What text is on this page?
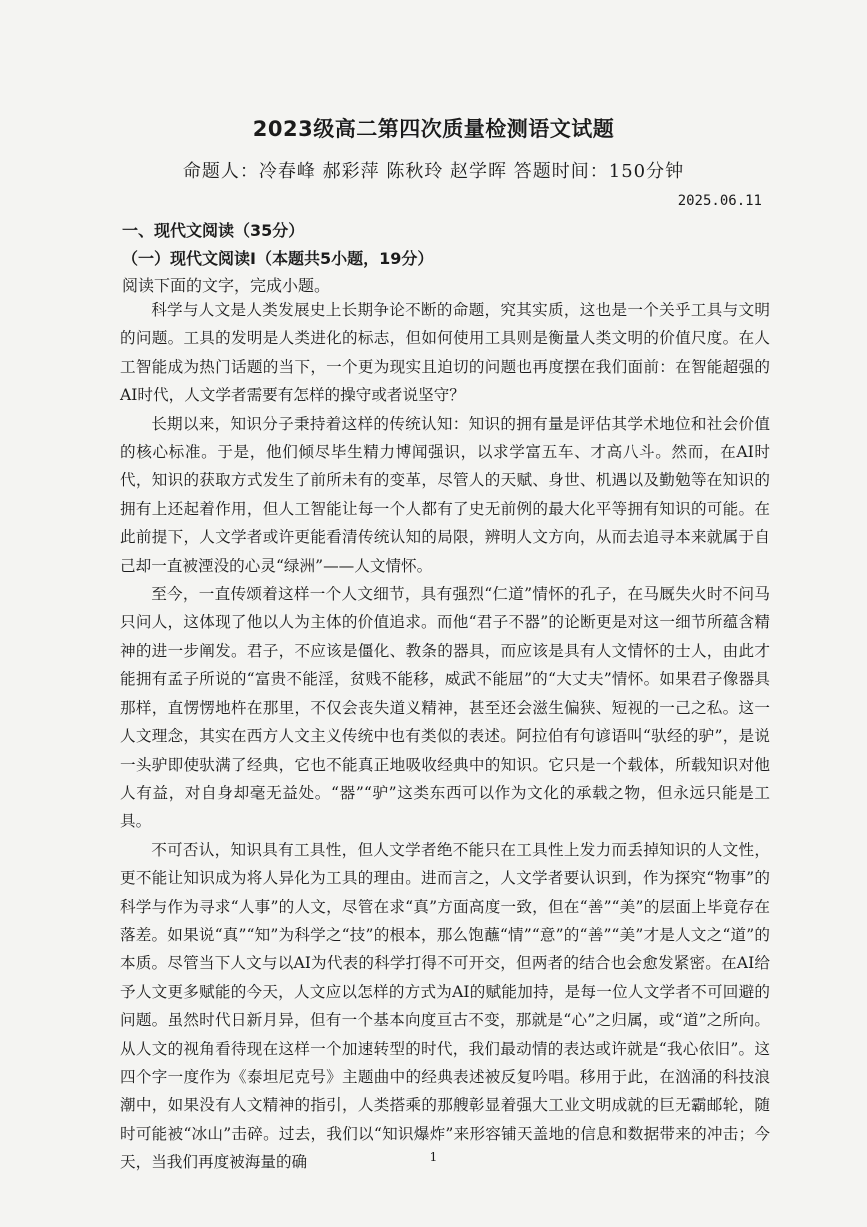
2023级高二第四次质量检测语文试题
命题人：冷春峰 郝彩萍 陈秋玲 赵学晖 答题时间：150分钟
2025.06.11
一、现代文阅读（35分）
（一）现代文阅读Ⅰ（本题共5小题，19分）
阅读下面的文字，完成小题。

科学与人文是人类发展史上长期争论不断的命题，究其实质，这也是一个关乎工具与文明的问题。工具的发明是人类进化的标志，但如何使用工具则是衡量人类文明的价值尺度。在人工智能成为热门话题的当下，一个更为现实且迫切的问题也再度摆在我们面前：在智能超强的AI时代，人文学者需要有怎样的操守或者说坚守？

长期以来，知识分子秉持着这样的传统认知：知识的拥有量是评估其学术地位和社会价值的核心标准。于是，他们倾尽毕生精力博闻强识，以求学富五车、才高八斗。然而，在AI时代，知识的获取方式发生了前所未有的变革，尽管人的天赋、身世、机遇以及勤勉等在知识的拥有上还起着作用，但人工智能让每一个人都有了史无前例的最大化平等拥有知识的可能。在此前提下，人文学者或许更能看清传统认知的局限，辨明人文方向，从而去追寻本来就属于自己却一直被湮没的心灵“绿洲”——人文情怀。

至今，一直传颂着这样一个人文细节，具有强烈“仁道”情怀的孔子，在马厩失火时不问马只问人，这体现了他以人为主体的价值追求。而他“君子不器”的论断更是对这一细节所蕴含精神的进一步阐发。君子，不应该是僵化、教条的器具，而应该是具有人文情怀的士人，由此才能拥有孟子所说的“富贵不能淫，贫贱不能移，威武不能屈”的“大丈夫”情怀。如果君子像器具那样，直愣愣地杵在那里，不仅会丧失道义精神，甚至还会滋生偏狭、短视的一己之私。这一人文理念，其实在西方人文主义传统中也有类似的表述。阿拉伯有句谚语叫“驮经的驴”，是说一头驴即使驮满了经典，它也不能真正地吸收经典中的知识。它只是一个载体，所载知识对他人有益，对自身却毫无益处。“器”“驴”这类东西可以作为文化的承载之物，但永远只能是工具。

不可否认，知识具有工具性，但人文学者绝不能只在工具性上发力而丢掉知识的人文性，更不能让知识成为将人异化为工具的理由。进而言之，人文学者要认识到，作为探究“物事”的科学与作为寻求“人事”的人文，尽管在求“真”方面高度一致，但在“善”“美”的层面上毕竟存在落差。如果说“真”“知”为科学之“技”的根本，那么饱蘸“情”“意”的“善”“美”才是人文之“道”的本质。尽管当下人文与以AI为代表的科学打得不可开交，但两者的结合也会愈发紧密。在AI给予人文更多赋能的今天，人文应以怎样的方式为AI的赋能加持，是每一位人文学者不可回避的问题。虽然时代日新月异，但有一个基本向度亘古不变，那就是“心”之归属，或“道”之所向。从人文的视角看待现在这样一个加速转型的时代，我们最动情的表达或许就是“我心依旧”。这四个字一度作为《泰坦尼克号》主题曲中的经典表述被反复吟唱。移用于此，在汹涌的科技浪潮中，如果没有人文精神的指引，人类搭乘的那艘彰显着强大工业文明成就的巨无霸邮轮，随时可能被“冰山”击碎。过去，我们以“知识爆炸”来形容铺天盖地的信息和数据带来的冲击；今天，当我们再度被海量的确	1
